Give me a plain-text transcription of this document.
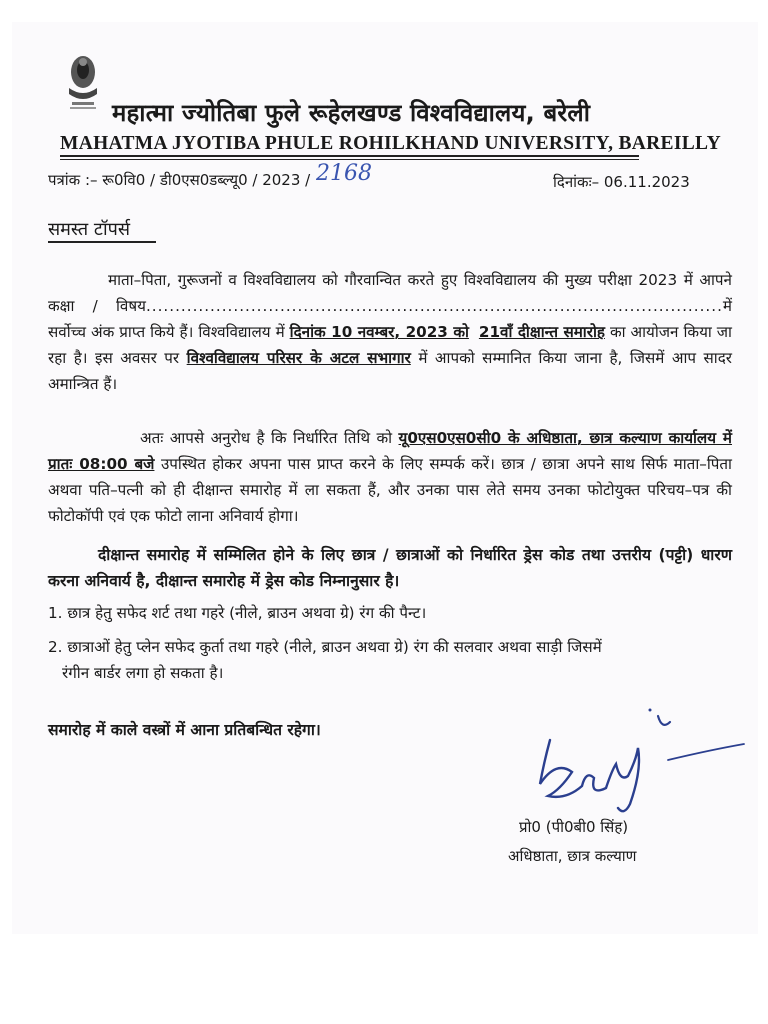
महात्मा ज्योतिबा फुले रूहेलखण्ड विश्वविद्यालय, बरेली
MAHATMA JYOTIBA PHULE ROHILKHAND UNIVERSITY, BAREILLY
पत्रांक :– रू0वि0 / डी0एस0डब्ल्यू0 / 2023 / 2168	दिनांकः– 06.11.2023
समस्त टॉपर्स
माता–पिता, गुरूजनों व विश्वविद्यालय को गौरवान्वित करते हुए विश्वविद्यालय की मुख्य परीक्षा 2023 में आपने कक्षा / विषय...................................................................................................में सर्वोच्च अंक प्राप्त किये हैं। विश्वविद्यालय में दिनांक 10 नवम्बर, 2023 को 21वाँ दीक्षान्त समारोह का आयोजन किया जा रहा है। इस अवसर पर विश्वविद्यालय परिसर के अटल सभागार में आपको सम्मानित किया जाना है, जिसमें आप सादर अमान्त्रित हैं।
अतः आपसे अनुरोध है कि निर्धारित तिथि को यू0एस0एस0सी0 के अधिष्ठाता, छात्र कल्याण कार्यालय में प्रातः 08:00 बजे उपस्थित होकर अपना पास प्राप्त करने के लिए सम्पर्क करें। छात्र / छात्रा अपने साथ सिर्फ माता–पिता अथवा पति–पत्नी को ही दीक्षान्त समारोह में ला सकता हैं, और उनका पास लेते समय उनका फोटोयुक्त परिचय–पत्र की फोटोकॉपी एवं एक फोटो लाना अनिवार्य होगा।
दीक्षान्त समारोह में सम्मिलित होने के लिए छात्र / छात्राओं को निर्धारित ड्रेस कोड तथा उत्तरीय (पट्टी) धारण करना अनिवार्य है, दीक्षान्त समारोह में ड्रेस कोड निम्नानुसार है।
1. छात्र हेतु सफेद शर्ट तथा गहरे (नीले, ब्राउन अथवा ग्रे) रंग की पैन्ट।
2. छात्राओं हेतु प्लेन सफेद कुर्ता तथा गहरे (नीले, ब्राउन अथवा ग्रे) रंग की सलवार अथवा साड़ी जिसमें
रंगीन बार्डर लगा हो सकता है।
समारोह में काले वस्त्रों में आना प्रतिबन्धित रहेगा।
प्रो0 (पी0बी0 सिंह)
अधिष्ठाता, छात्र कल्याण
